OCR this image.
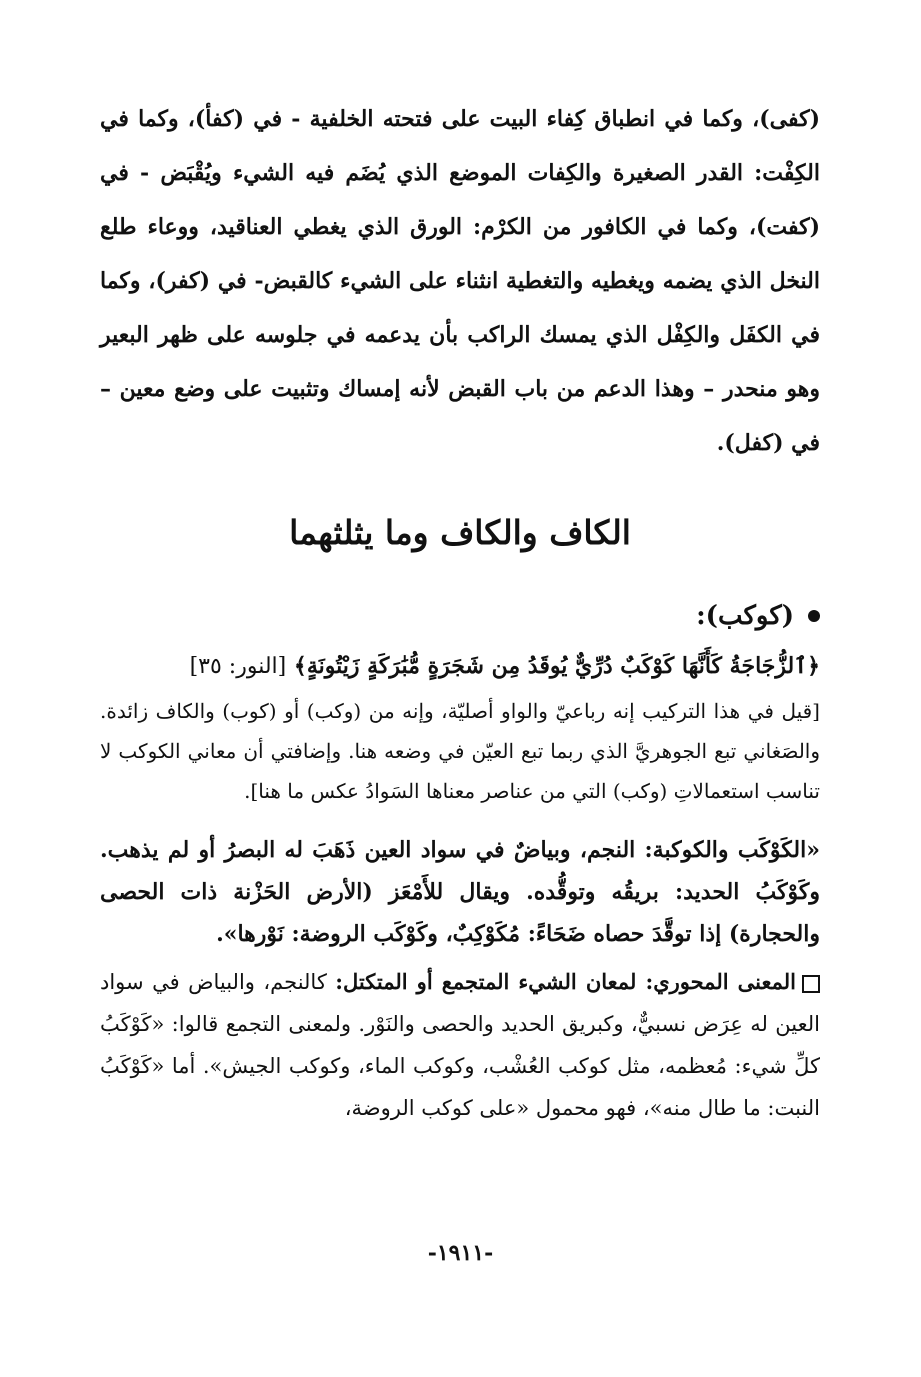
(كفى)، وكما في انطباق كِفاء البيت على فتحته الخلفية - في (كفأ)، وكما في الكِفْت: القدر الصغيرة والكِفات الموضع الذي يُضَم فيه الشيء ويُقْبَض - في (كفت)، وكما في الكافور من الكرْم: الورق الذي يغطي العناقيد، ووعاء طلع النخل الذي يضمه ويغطيه والتغطية انثناء على الشيء كالقبض- في (كفر)، وكما في الكفَل والكِفْل الذي يمسك الراكب بأن يدعمه في جلوسه على ظهر البعير وهو منحدر – وهذا الدعم من باب القبض لأنه إمساك وتثبيت على وضع معين – في (كفل).

الكاف والكاف وما يثلثهما
(كوكب):
﴿ٱلزُّجَاجَةُ كَأَنَّهَا كَوْكَبٌ دُرِّيٌّ يُوقَدُ مِن شَجَرَةٍ مُّبَٰرَكَةٍ زَيْتُونَةٍ﴾ [النور: ٣٥]

[قيل في هذا التركيب إنه رباعيّ والواو أصليّة، وإنه من (وكب) أو (كوب) والكاف زائدة. والصَغاني تبع الجوهريَّ الذي ربما تبع العيّن في وضعه هنا. وإضافتي أن معاني الكوكب لا تناسب استعمالاتِ (وكب) التي من عناصر معناها السَوادُ عكس ما هنا].

«الكَوْكَب والكوكبة: النجم، وبياضٌ في سواد العين ذَهَبَ له البصرُ أو لم يذهب. وكَوْكَبُ الحديد: بريقُه وتوقُّده. ويقال للأَمْعَز (الأرض الحَزْنة ذات الحصى والحجارة) إذا توقَّدَ حصاه ضَحَاءً: مُكَوْكِبٌ، وكَوْكَب الروضة: نَوْرها».

المعنى المحوري: لمعان الشيء المتجمع أو المتكتل: كالنجم، والبياض في سواد العين له عِرَض نسبيٌّ، وكبريق الحديد والحصى والنَوْر. ولمعنى التجمع قالوا: «كَوْكَبُ كلِّ شيء: مُعظمه، مثل كوكب العُشْب، وكوكب الماء، وكوكب الجيش». أما «كَوْكَبُ النبت: ما طال منه»، فهو محمول «على كوكب الروضة،

-١٩١١-
